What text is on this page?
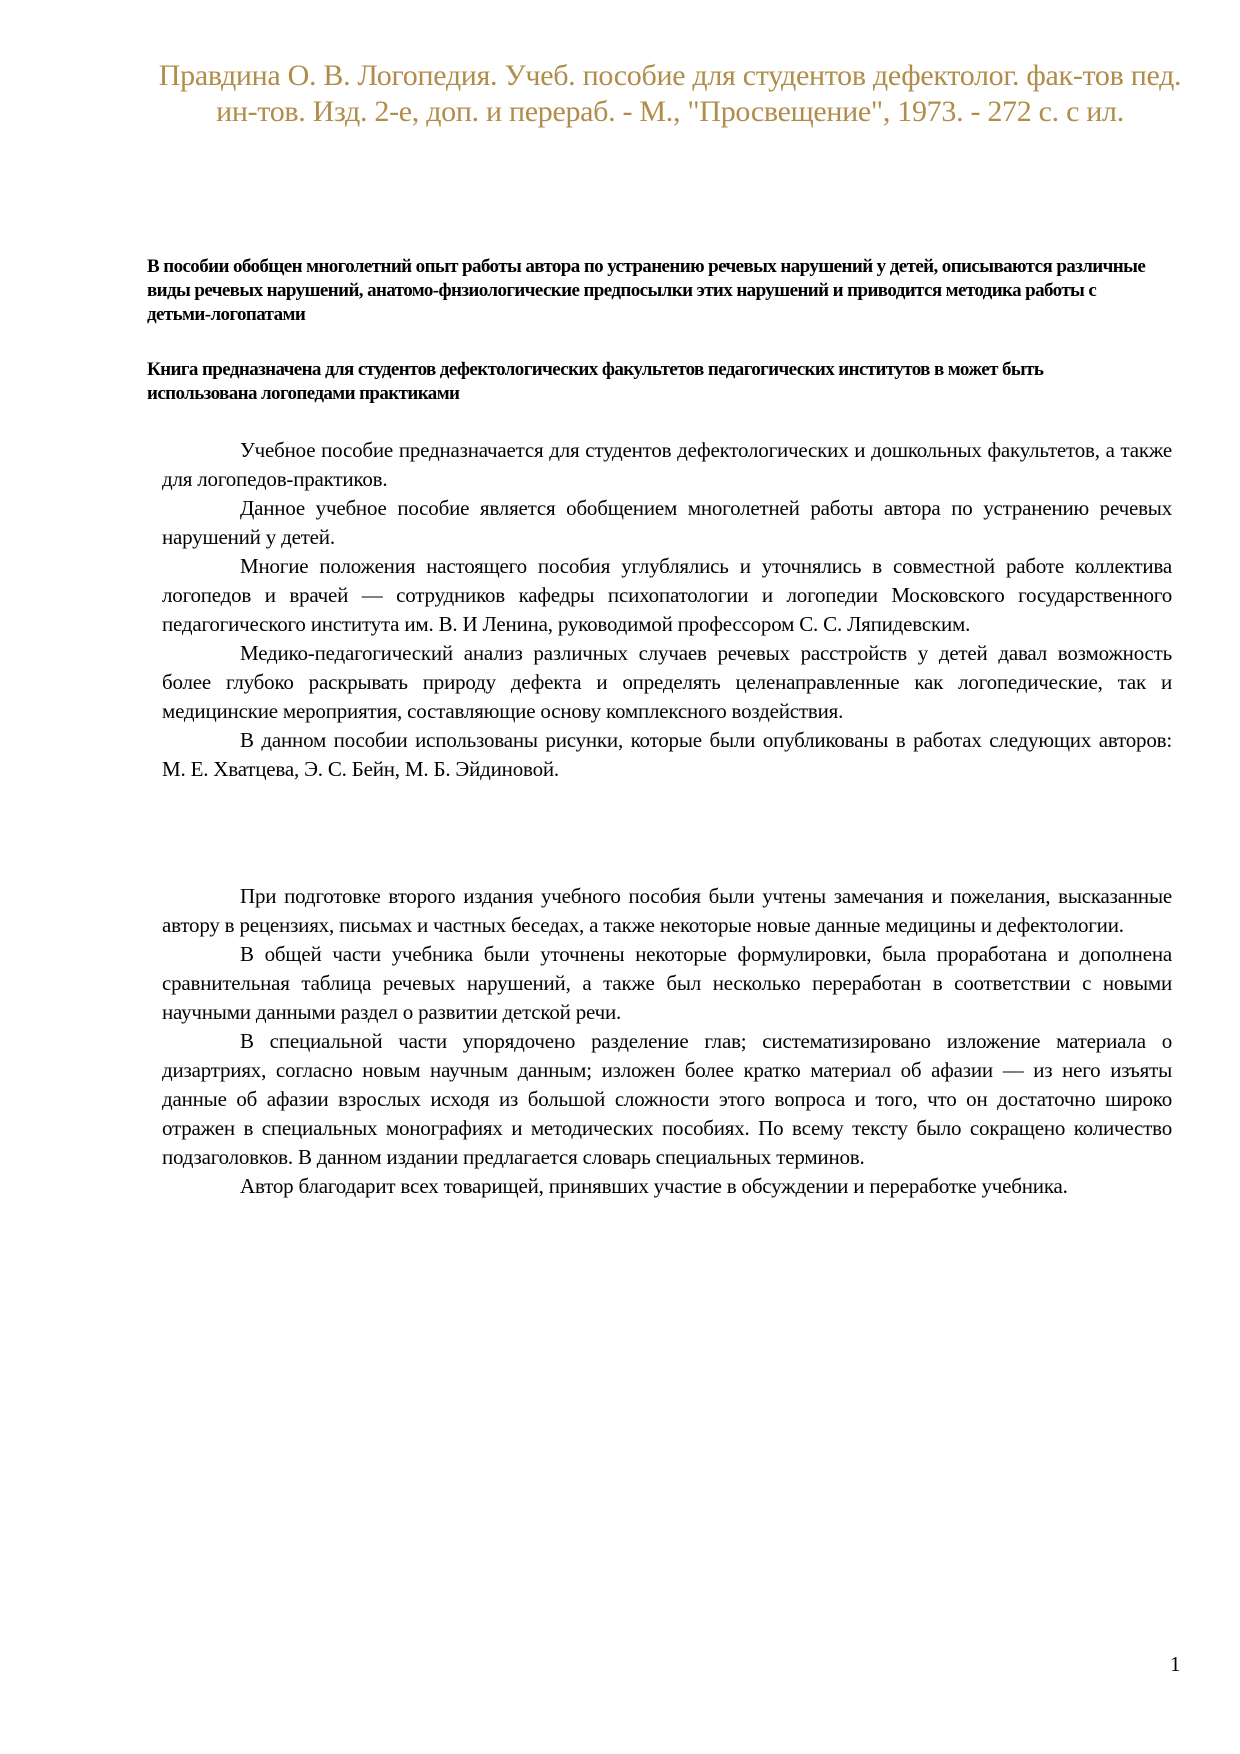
Правдина О. В. Логопедия. Учеб. пособие для студентов дефектолог. фак-тов пед. ин-тов. Изд. 2-е, доп. и перераб. - М., "Просвещение", 1973. - 272 с. с ил.
В пособии обобщен многолетний опыт работы автора по устранению речевых нарушений у детей, описываются различные виды речевых нарушений, анатомо-фнзиологические предпосылки этих нарушений и приводится методика работы с детьми-логопатами
Книга предназначена для студентов дефектологических факультетов педагогических институтов в может быть использована логопедами практиками

Учебное пособие предназначается для студентов дефектологических и дошкольных факультетов, а также для логопедов-практиков.

Данное учебное пособие является обобщением многолетней работы автора по устранению речевых нарушений у детей.

Многие положения настоящего пособия углублялись и уточнялись в совместной работе коллектива логопедов и врачей — сотрудников кафедры психопатологии и логопедии Московского государственного педагогического института им. В. И Ленина, руководимой профессором С. С. Ляпидевским.

Медико-педагогический анализ различных случаев речевых расстройств у детей давал возможность более глубоко раскрывать природу дефекта и определять целенаправленные как логопедические, так и медицинские мероприятия, составляющие основу комплексного воздействия.

В данном пособии использованы рисунки, которые были опубликованы в работах следующих авторов: М. Е. Хватцева, Э. С. Бейн, М. Б. Эйдиновой.

При подготовке второго издания учебного пособия были учтены замечания и пожелания, высказанные автору в рецензиях, письмах и частных беседах, а также некоторые новые данные медицины и дефектологии.

В общей части учебника были уточнены некоторые формулировки, была проработана и дополнена сравнительная таблица речевых нарушений, а также был несколько переработан в соответствии с новыми научными данными раздел о развитии детской речи.

В специальной части упорядочено разделение глав; систематизировано изложение материала о дизартриях, согласно новым научным данным; изложен более кратко материал об афазии — из него изъяты данные об афазии взрослых исходя из большой сложности этого вопроса и того, что он достаточно широко отражен в специальных монографиях и методических пособиях. По всему тексту было сокращено количество подзаголовков. В данном издании предлагается словарь специальных терминов.

Автор благодарит всех товарищей, принявших участие в обсуждении и переработке учебника.

1
